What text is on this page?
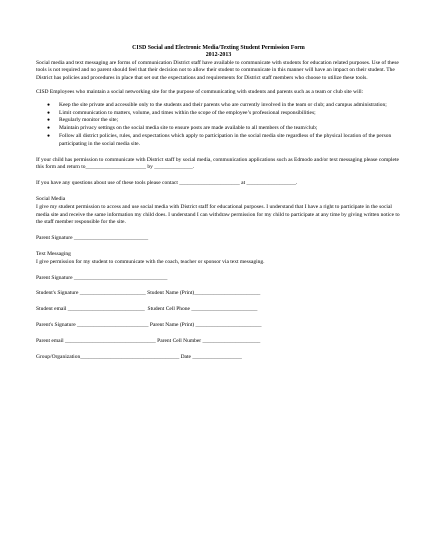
CISD Social and Electronic Media/Texting Student Permission Form
2012-2013

Social media and text messaging are forms of communication District staff have available to communicate with students for education related purposes. Use of these tools is not required and no parent should feel that their decision not to allow their student to communicate in this manner will have an impact on their student. The District has policies and procedures in place that set out the expectations and requirements for District staff members who choose to utilize these tools.

CISD Employees who maintain a social networking site for the purpose of communicating with students and parents such as a team or club site will:

● Keep the site private and accessible only to the students and their parents who are currently involved in the team or club; and campus administration;
● Limit communication to matters, volume, and times within the scope of the employee’s professional responsibilities;
● Regularly monitor the site;
● Maintain privacy settings on the social media site to ensure posts are made available to all members of the team/club;
● Follow all district policies, rules, and expectations which apply to participation in the social media site regardless of the physical location of the person participating in the social media site.

If your child has permission to communicate with District staff by social media, communication applications such as Edmodo and/or text messaging please complete this form and return to______________________ by ______________.

If you have any questions about use of these tools please contact ______________________ at __________________.

Social Media

I give my student permission to access and use social media with District staff for educational purposes. I understand that I have a right to participate in the social media site and receive the same information my child does. I understand I can withdraw permission for my child to participate at any time by giving written notice to the staff member responsible for the site.

Parent Signature ___________________________

Text Messaging

I give permission for my student to communicate with the coach, teacher or sponsor via text messaging.

Parent Signature __________________________________
Student's Signature ________________________ Student Name (Print)________________________
Student email ____________________________  Student Cell Phone ________________________
Parent's Signature __________________________ Parent Name (Print) ________________________
Parent email _________________________________ Parent Cell Number _____________________
Group/Organization____________________________________ Date __________________
